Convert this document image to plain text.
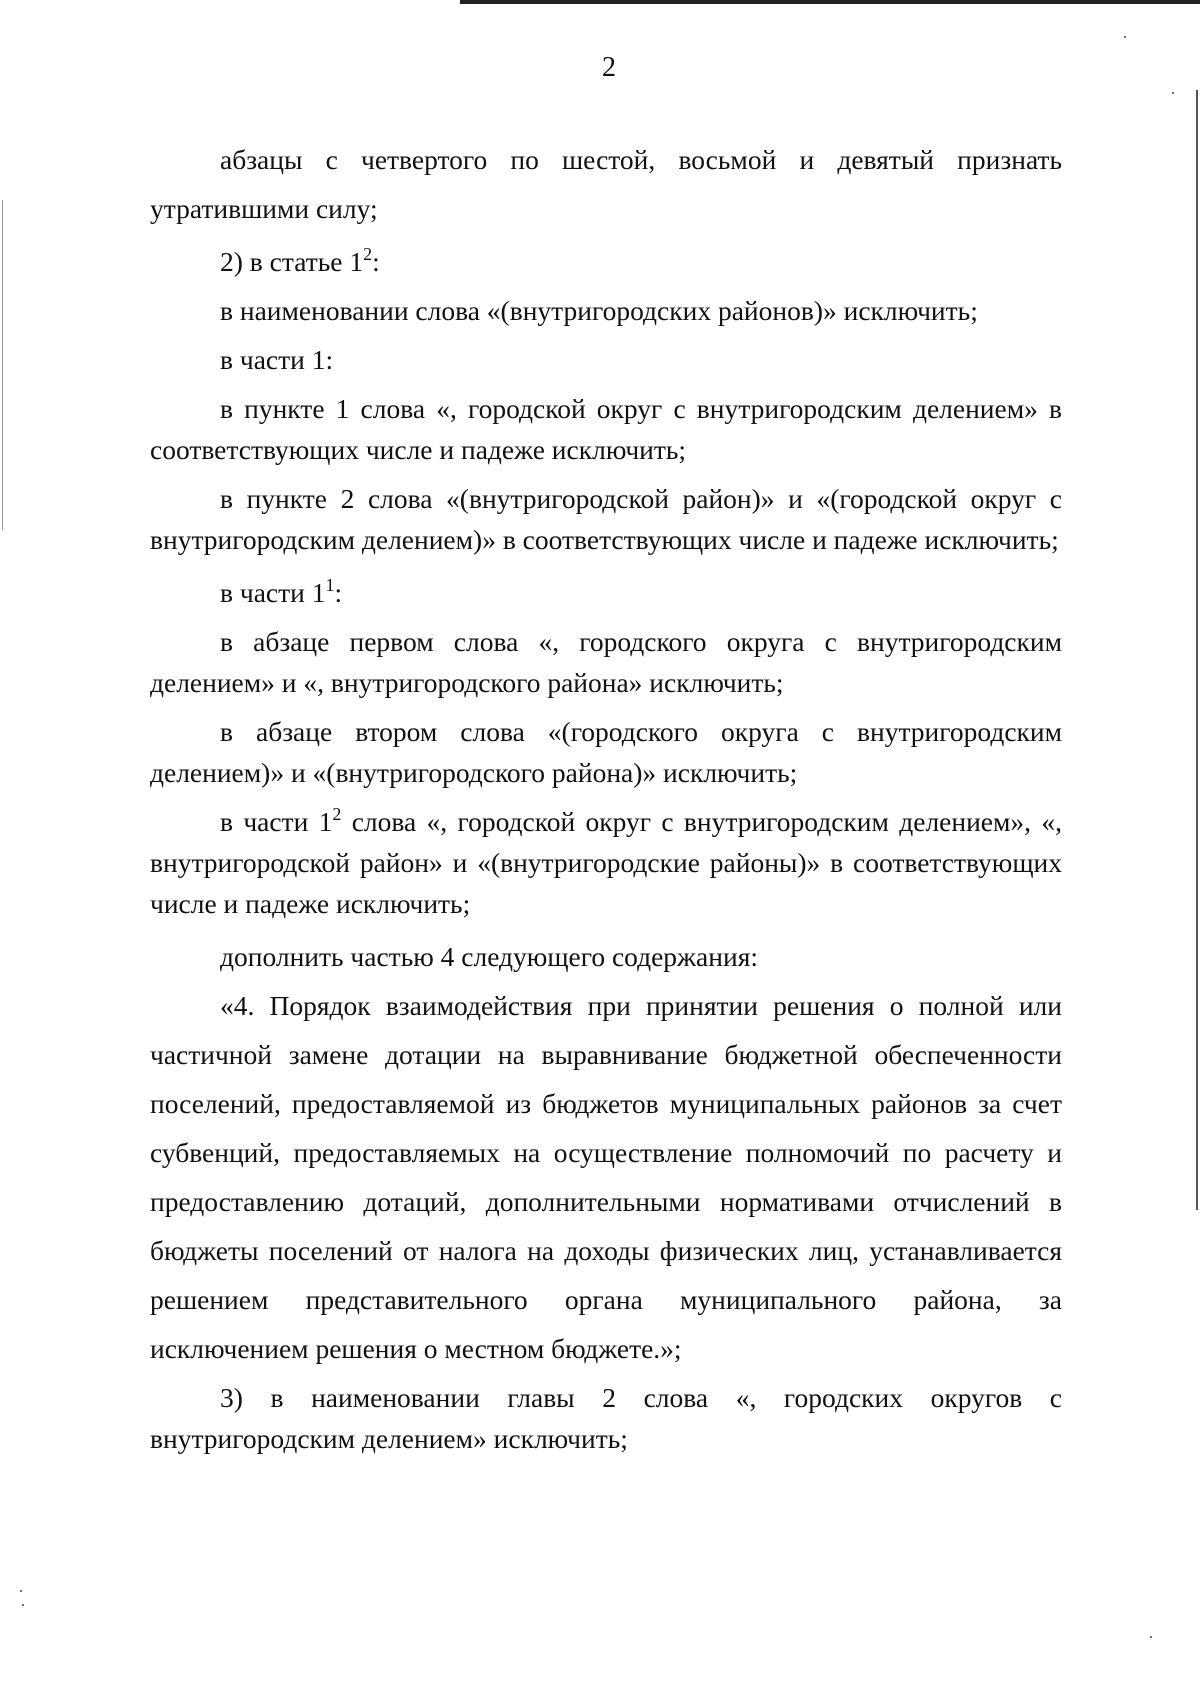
2

абзацы с четвертого по шестой, восьмой и девятый признать утратившими силу;

2) в статье $1^2$:

в наименовании слова «(внутригородских районов)» исключить;

в части 1:

в пункте 1 слова «, городской округ с внутригородским делением» в соответствующих числе и падеже исключить;

в пункте 2 слова «(внутригородской район)» и «(городской округ с внутригородским делением)» в соответствующих числе и падеже исключить;

в части $1^1$:

в абзаце первом слова «, городского округа с внутригородским делением» и «, внутригородского района» исключить;

в абзаце втором слова «(городского округа с внутригородским делением)» и «(внутригородского района)» исключить;

в части $1^2$ слова «, городской округ с внутригородским делением», «, внутригородской район» и «(внутригородские районы)» в соответствующих числе и падеже исключить;

дополнить частью 4 следующего содержания:

«4. Порядок взаимодействия при принятии решения о полной или частичной замене дотации на выравнивание бюджетной обеспеченности поселений, предоставляемой из бюджетов муниципальных районов за счет субвенций, предоставляемых на осуществление полномочий по расчету и предоставлению дотаций, дополнительными нормативами отчислений в бюджеты поселений от налога на доходы физических лиц, устанавливается решением представительного органа муниципального района, за исключением решения о местном бюджете.»;

3) в наименовании главы 2 слова «, городских округов с внутригородским делением» исключить;
